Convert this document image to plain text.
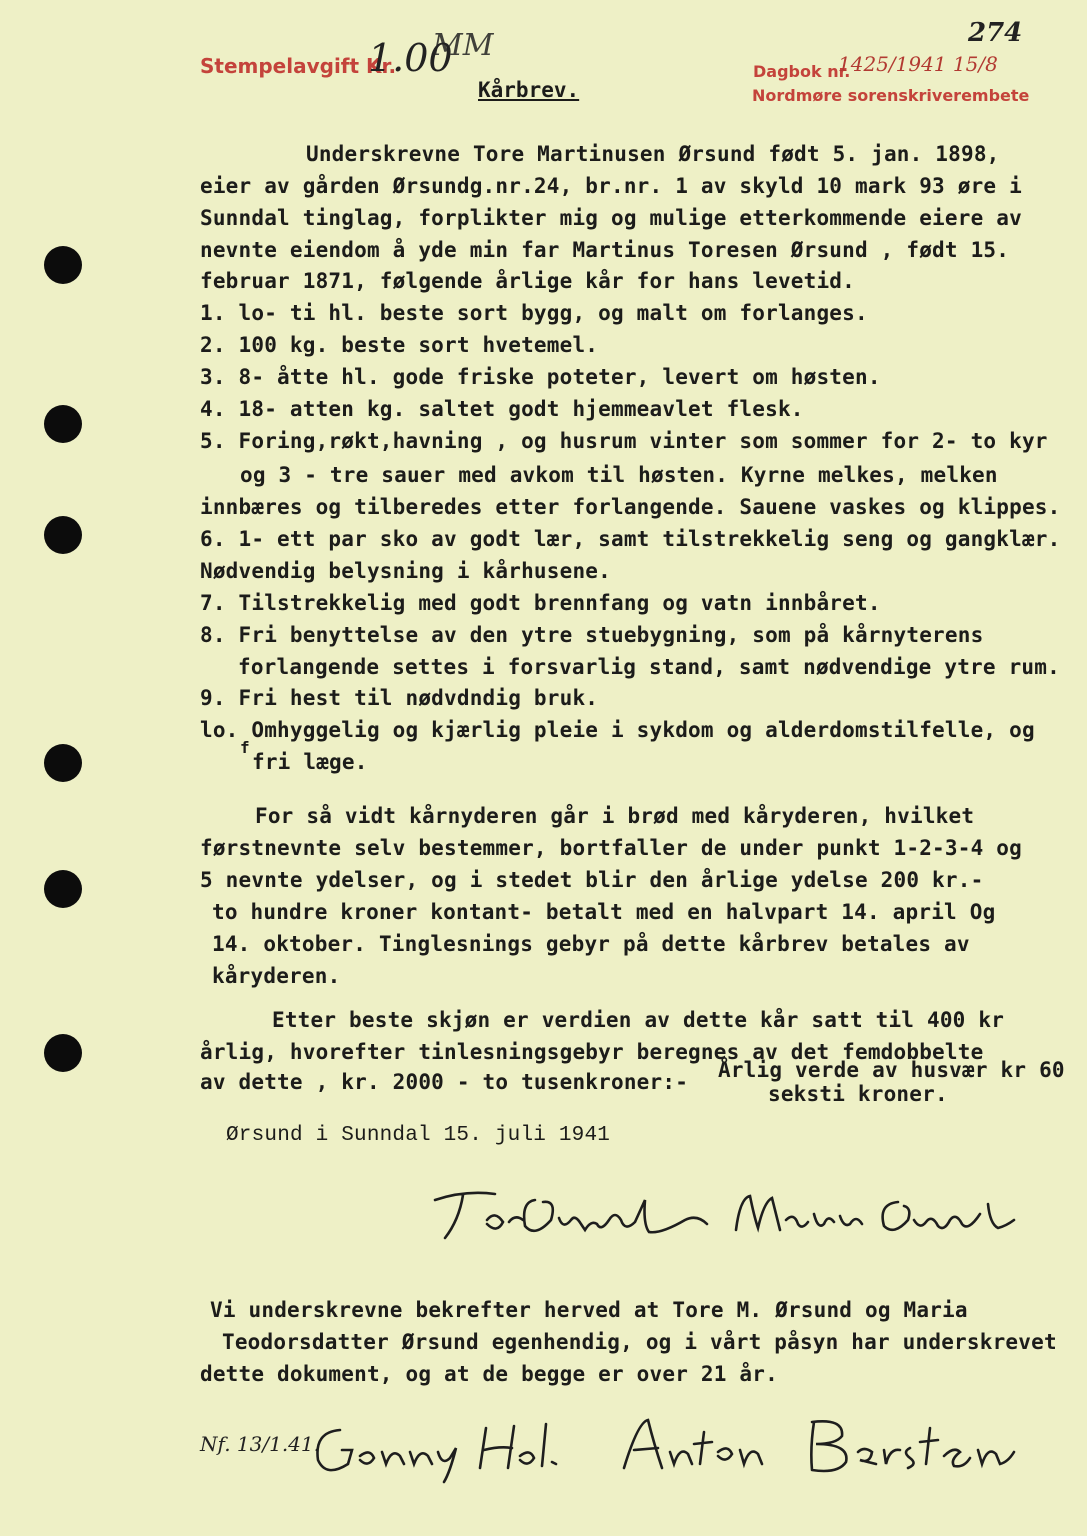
Stempelavgift Kr.
1.00
MM
Dagbok nr.
1425/1941 15/8
Nordmøre sorenskriverembete
274
Kårbrev.
Underskrevne Tore Martinusen Ørsund født 5. jan. 1898,
eier av gården Ørsundg.nr.24, br.nr. 1 av skyld 10 mark 93 øre i
Sunndal tinglag, forplikter mig og mulige etterkommende eiere av
nevnte eiendom å yde min far Martinus Toresen Ørsund , født 15.
februar 1871, følgende årlige kår for hans levetid.
1. lo- ti hl. beste sort bygg, og malt om forlanges.
2. 100 kg. beste sort hvetemel.
3. 8- åtte hl. gode friske poteter, levert om høsten.
4. 18- atten kg. saltet godt hjemmeavlet flesk.
5. Foring,røkt,havning , og husrum vinter som sommer for 2- to kyr
og 3 - tre sauer med avkom til høsten. Kyrne melkes, melken
innbæres og tilberedes etter forlangende. Sauene vaskes og klippes.
6. 1- ett par sko av godt lær, samt tilstrekkelig seng og gangklær.
Nødvendig belysning i kårhusene.
7. Tilstrekkelig med godt brennfang og vatn innbåret.
8. Fri benyttelse av den ytre stuebygning, som på kårnyterens
forlangende settes i forsvarlig stand, samt nødvendige ytre rum.
9. Fri hest til nødvdndig bruk.
lo. Omhyggelig og kjærlig pleie i sykdom og alderdomstilfelle, og
f
fri læge.
For så vidt kårnyderen går i brød med kåryderen, hvilket
førstnevnte selv bestemmer, bortfaller de under punkt 1-2-3-4 og
5 nevnte ydelser, og i stedet blir den årlige ydelse 200 kr.-
to hundre kroner kontant- betalt med en halvpart 14. april Og
14. oktober. Tinglesnings gebyr på dette kårbrev betales av
kåryderen.
Etter beste skjøn er verdien av dette kår satt til 400 kr
årlig, hvorefter tinlesningsgebyr beregnes av det femdobbelte
av dette , kr. 2000 - to tusenkroner:- Årlig verde av husvær kr 60
seksti kroner.
Ørsund i Sunndal 15. juli 1941
Vi underskrevne bekrefter herved at Tore M. Ørsund og Maria
Teodorsdatter Ørsund egenhendig, og i vårt påsyn har underskrevet
dette dokument, og at de begge er over 21 år.
Nf. 13/1.41.
